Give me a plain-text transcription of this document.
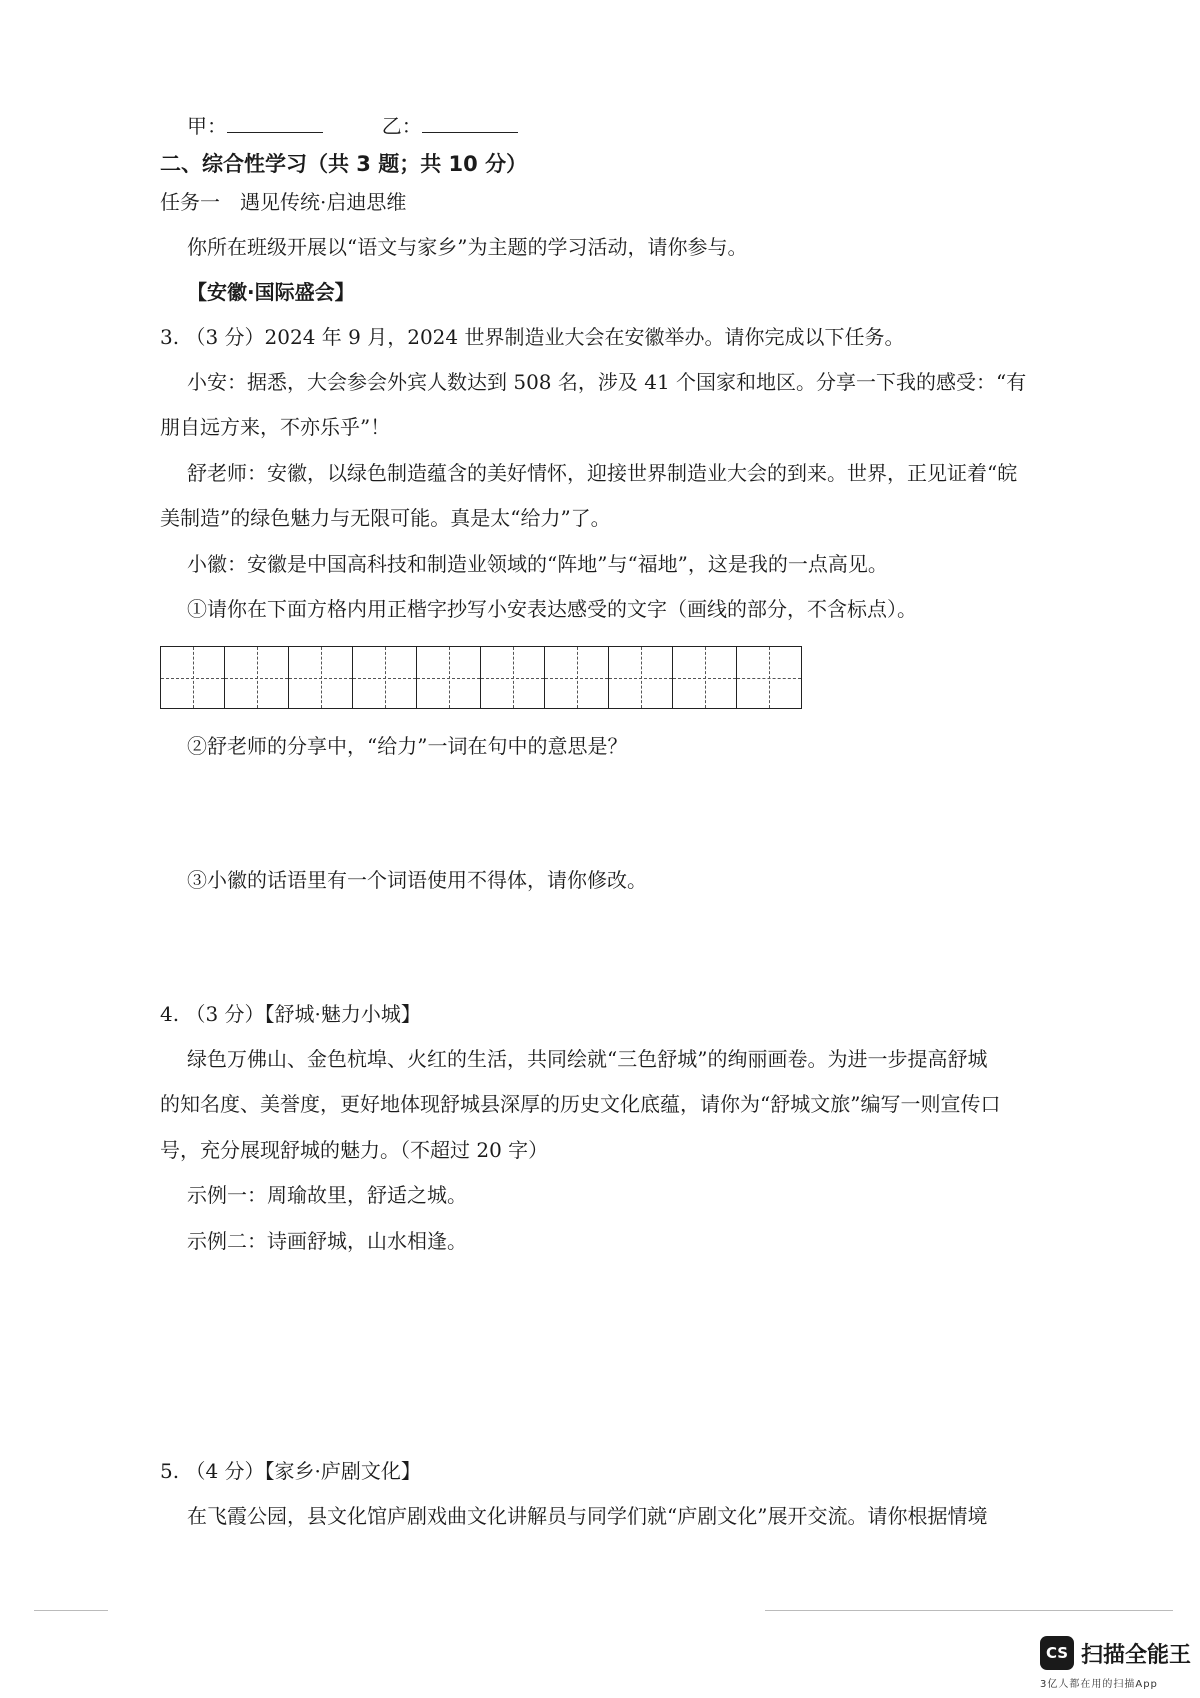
甲：	乙：
二、综合性学习（共 3 题；共 10 分）
任务一　遇见传统·启迪思维
你所在班级开展以“语文与家乡”为主题的学习活动，请你参与。
【安徽·国际盛会】
3. （3 分）2024 年 9 月，2024 世界制造业大会在安徽举办。请你完成以下任务。
小安：据悉，大会参会外宾人数达到 508 名，涉及 41 个国家和地区。分享一下我的感受：“有
朋自远方来，不亦乐乎”！
舒老师：安徽，以绿色制造蕴含的美好情怀，迎接世界制造业大会的到来。世界，正见证着“皖
美制造”的绿色魅力与无限可能。真是太“给力”了。
小徽：安徽是中国高科技和制造业领域的“阵地”与“福地”，这是我的一点高见。
①请你在下面方格内用正楷字抄写小安表达感受的文字（画线的部分，不含标点）。
②舒老师的分享中，“给力”一词在句中的意思是？
③小徽的话语里有一个词语使用不得体，请你修改。
4. （3 分）【舒城·魅力小城】
绿色万佛山、金色杭埠、火红的生活，共同绘就“三色舒城”的绚丽画卷。为进一步提高舒城
的知名度、美誉度，更好地体现舒城县深厚的历史文化底蕴，请你为“舒城文旅”编写一则宣传口
号，充分展现舒城的魅力。（不超过 20 字）
示例一：周瑜故里，舒适之城。
示例二：诗画舒城，山水相逢。
5. （4 分）【家乡·庐剧文化】
在飞霞公园，县文化馆庐剧戏曲文化讲解员与同学们就“庐剧文化”展开交流。请你根据情境
CS 扫描全能王
3亿人都在用的扫描App
